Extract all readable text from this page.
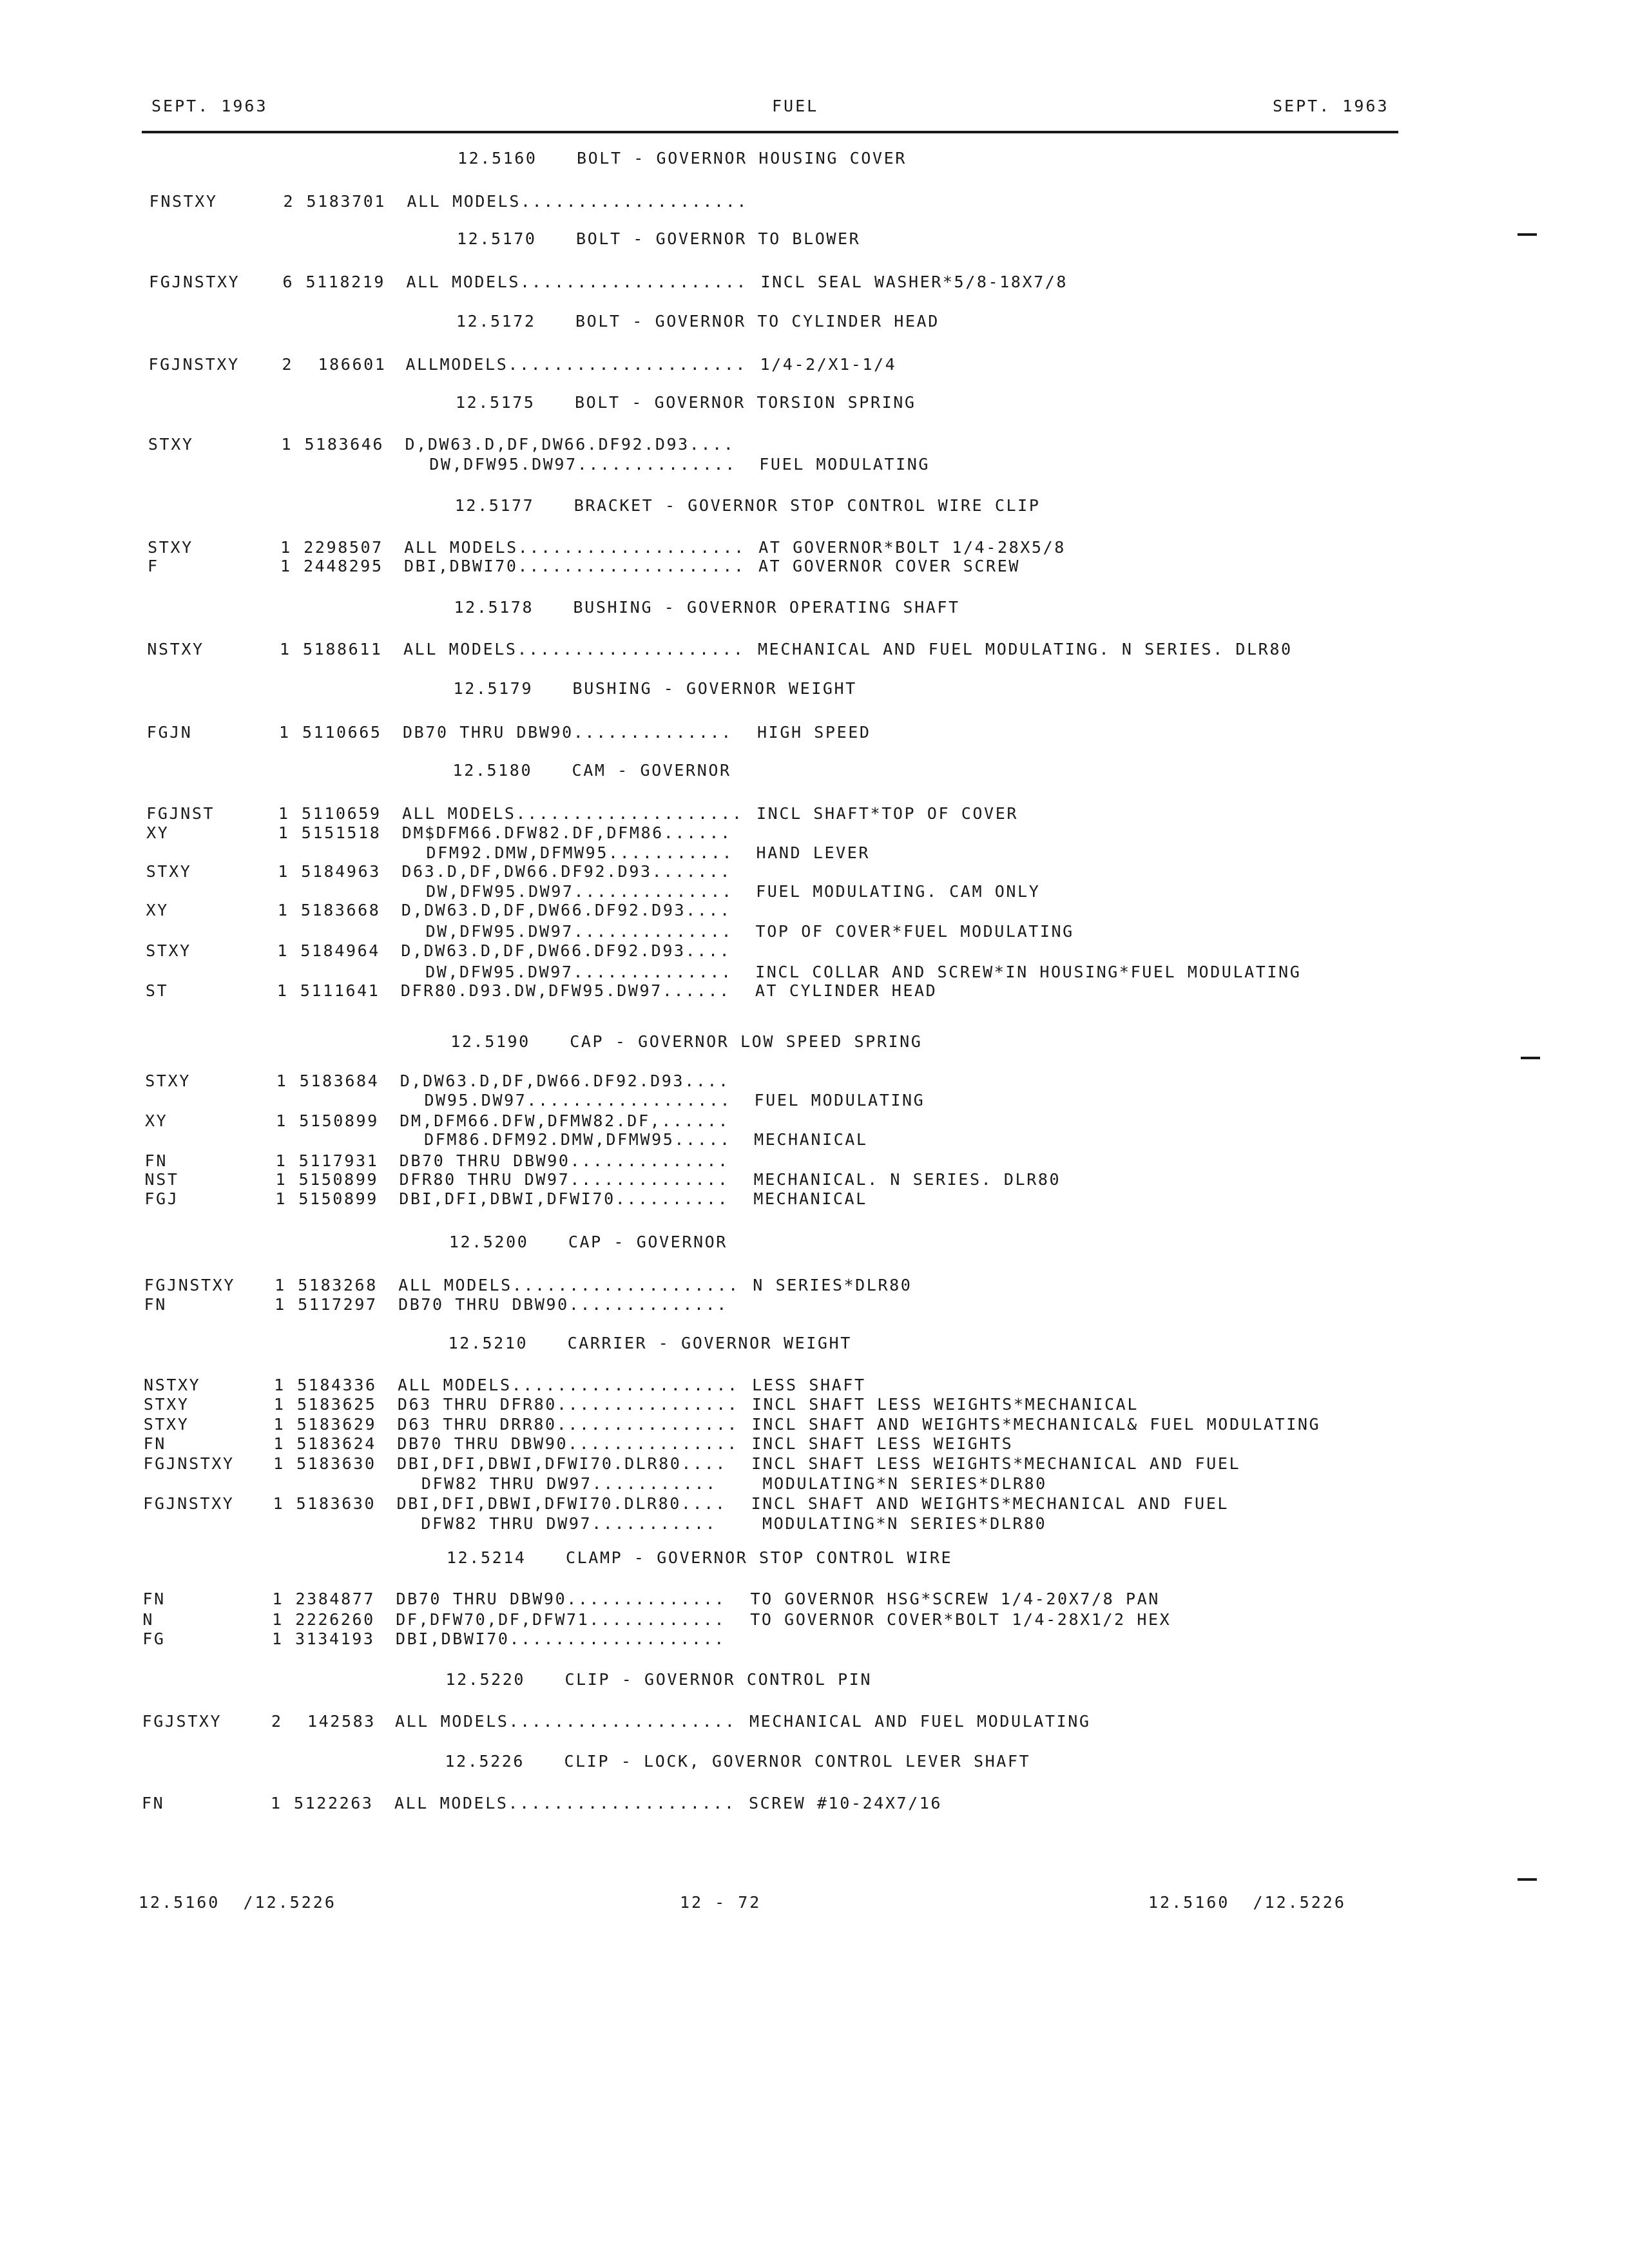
SEPT. 1963	FUEL	SEPT. 1963
12.5160 BOLT - GOVERNOR HOUSING COVER
FNSTXY	2 5183701 ALL MODELS....................
12.5170 BOLT - GOVERNOR TO BLOWER
FGJNSTXY	6 5118219 ALL MODELS.................... INCL SEAL WASHER*5/8-18X7/8
12.5172 BOLT - GOVERNOR TO CYLINDER HEAD
FGJNSTXY	2 186601 ALLMODELS..................... 1/4-2/X1-1/4
12.5175 BOLT - GOVERNOR TORSION SPRING
STXY	1 5183646 D,DW63.D,DF,DW66.DF92.D93....
DW,DFW95.DW97.............. FUEL MODULATING
12.5177 BRACKET - GOVERNOR STOP CONTROL WIRE CLIP
STXY	1 2298507 ALL MODELS.................... AT GOVERNOR*BOLT 1/4-28X5/8
F	1 2448295 DBI,DBWI70.................... AT GOVERNOR COVER SCREW
12.5178 BUSHING - GOVERNOR OPERATING SHAFT
NSTXY	1 5188611 ALL MODELS.................... MECHANICAL AND FUEL MODULATING. N SERIES. DLR80
12.5179 BUSHING - GOVERNOR WEIGHT
FGJN	1 5110665 DB70 THRU DBW90.............. HIGH SPEED
12.5180 CAM - GOVERNOR
FGJNST	1 5110659 ALL MODELS.................... INCL SHAFT*TOP OF COVER
XY	1 5151518 DM$DFM66.DFW82.DF,DFM86......
DFM92.DMW,DFMW95........... HAND LEVER
STXY	1 5184963 D63.D,DF,DW66.DF92.D93.......
DW,DFW95.DW97.............. FUEL MODULATING. CAM ONLY
XY	1 5183668 D,DW63.D,DF,DW66.DF92.D93....
DW,DFW95.DW97.............. TOP OF COVER*FUEL MODULATING
STXY	1 5184964 D,DW63.D,DF,DW66.DF92.D93....
DW,DFW95.DW97.............. INCL COLLAR AND SCREW*IN HOUSING*FUEL MODULATING
ST	1 5111641 DFR80.D93.DW,DFW95.DW97...... AT CYLINDER HEAD
12.5190 CAP - GOVERNOR LOW SPEED SPRING
STXY	1 5183684 D,DW63.D,DF,DW66.DF92.D93....
DW95.DW97.................. FUEL MODULATING
XY	1 5150899 DM,DFM66.DFW,DFMW82.DF,......
DFM86.DFM92.DMW,DFMW95..... MECHANICAL
FN	1 5117931 DB70 THRU DBW90..............
NST	1 5150899 DFR80 THRU DW97.............. MECHANICAL. N SERIES. DLR80
FGJ	1 5150899 DBI,DFI,DBWI,DFWI70.......... MECHANICAL
12.5200 CAP - GOVERNOR
FGJNSTXY 1 5183268 ALL MODELS.................... N SERIES*DLR80
FN	1 5117297 DB70 THRU DBW90..............
12.5210 CARRIER - GOVERNOR WEIGHT
NSTXY	1 5184336 ALL MODELS.................... LESS SHAFT
STXY	1 5183625 D63 THRU DFR80................ INCL SHAFT LESS WEIGHTS*MECHANICAL
STXY	1 5183629 D63 THRU DRR80................ INCL SHAFT AND WEIGHTS*MECHANICAL& FUEL MODULATING
FN	1 5183624 DB70 THRU DBW90............... INCL SHAFT LESS WEIGHTS
FGJNSTXY 1 5183630 DBI,DFI,DBWI,DFWI70.DLR80.... INCL SHAFT LESS WEIGHTS*MECHANICAL AND FUEL
DFW82 THRU DW97........... MODULATING*N SERIES*DLR80
FGJNSTXY 1 5183630 DBI,DFI,DBWI,DFWI70.DLR80.... INCL SHAFT AND WEIGHTS*MECHANICAL AND FUEL
DFW82 THRU DW97........... MODULATING*N SERIES*DLR80
12.5214 CLAMP - GOVERNOR STOP CONTROL WIRE
FN	1 2384877 DB70 THRU DBW90.............. TO GOVERNOR HSG*SCREW 1/4-20X7/8 PAN
N	1 2226260 DF,DFW70,DF,DFW71............ TO GOVERNOR COVER*BOLT 1/4-28X1/2 HEX
FG	1 3134193 DBI,DBWI70...................
12.5220 CLIP - GOVERNOR CONTROL PIN
FGJSTXY	2 142583 ALL MODELS.................... MECHANICAL AND FUEL MODULATING
12.5226 CLIP - LOCK, GOVERNOR CONTROL LEVER SHAFT
FN	1 5122263 ALL MODELS.................... SCREW #10-24X7/16
12.5160  /12.5226	12 - 72	12.5160  /12.5226
